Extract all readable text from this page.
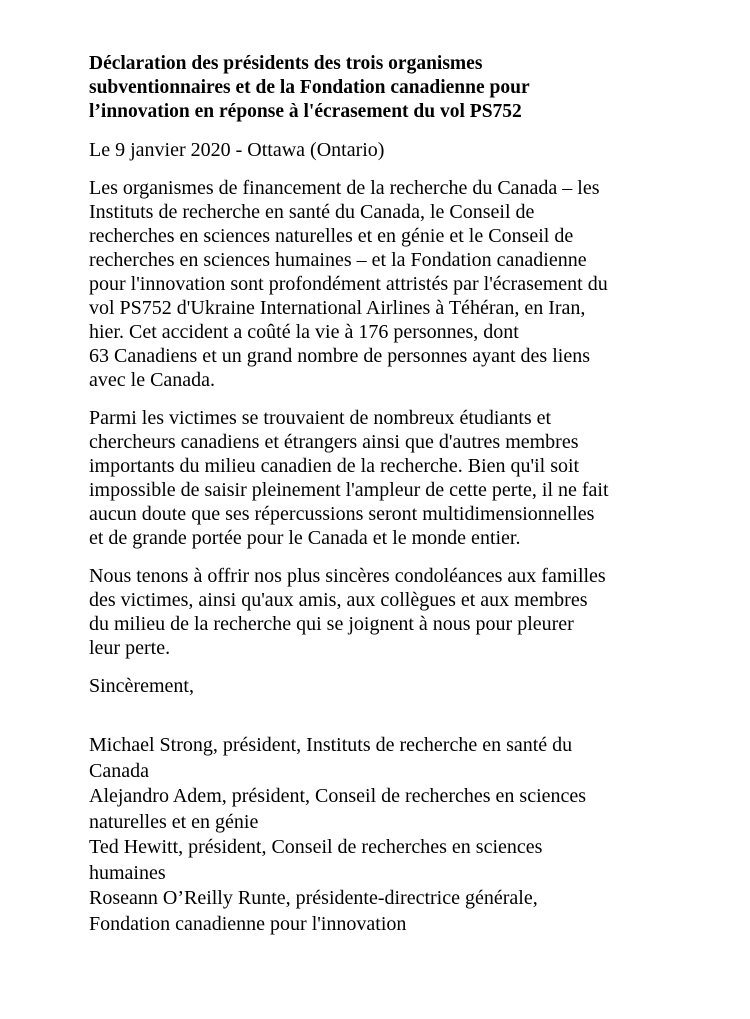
Déclaration des présidents des trois organismes
subventionnaires et de la Fondation canadienne pour
l’innovation en réponse à l'écrasement du vol PS752
Le 9 janvier 2020 - Ottawa (Ontario)
Les organismes de financement de la recherche du Canada – les
Instituts de recherche en santé du Canada, le Conseil de
recherches en sciences naturelles et en génie et le Conseil de
recherches en sciences humaines – et la Fondation canadienne
pour l'innovation sont profondément attristés par l'écrasement du
vol PS752 d'Ukraine International Airlines à Téhéran, en Iran,
hier. Cet accident a coûté la vie à 176 personnes, dont
63 Canadiens et un grand nombre de personnes ayant des liens
avec le Canada.
Parmi les victimes se trouvaient de nombreux étudiants et
chercheurs canadiens et étrangers ainsi que d'autres membres
importants du milieu canadien de la recherche. Bien qu'il soit
impossible de saisir pleinement l'ampleur de cette perte, il ne fait
aucun doute que ses répercussions seront multidimensionnelles
et de grande portée pour le Canada et le monde entier.
Nous tenons à offrir nos plus sincères condoléances aux familles
des victimes, ainsi qu'aux amis, aux collègues et aux membres
du milieu de la recherche qui se joignent à nous pour pleurer
leur perte.
Sincèrement,
Michael Strong, président, Instituts de recherche en santé du
Canada
Alejandro Adem, président, Conseil de recherches en sciences
naturelles et en génie
Ted Hewitt, président, Conseil de recherches en sciences
humaines
Roseann O’Reilly Runte, présidente-directrice générale,
Fondation canadienne pour l'innovation
